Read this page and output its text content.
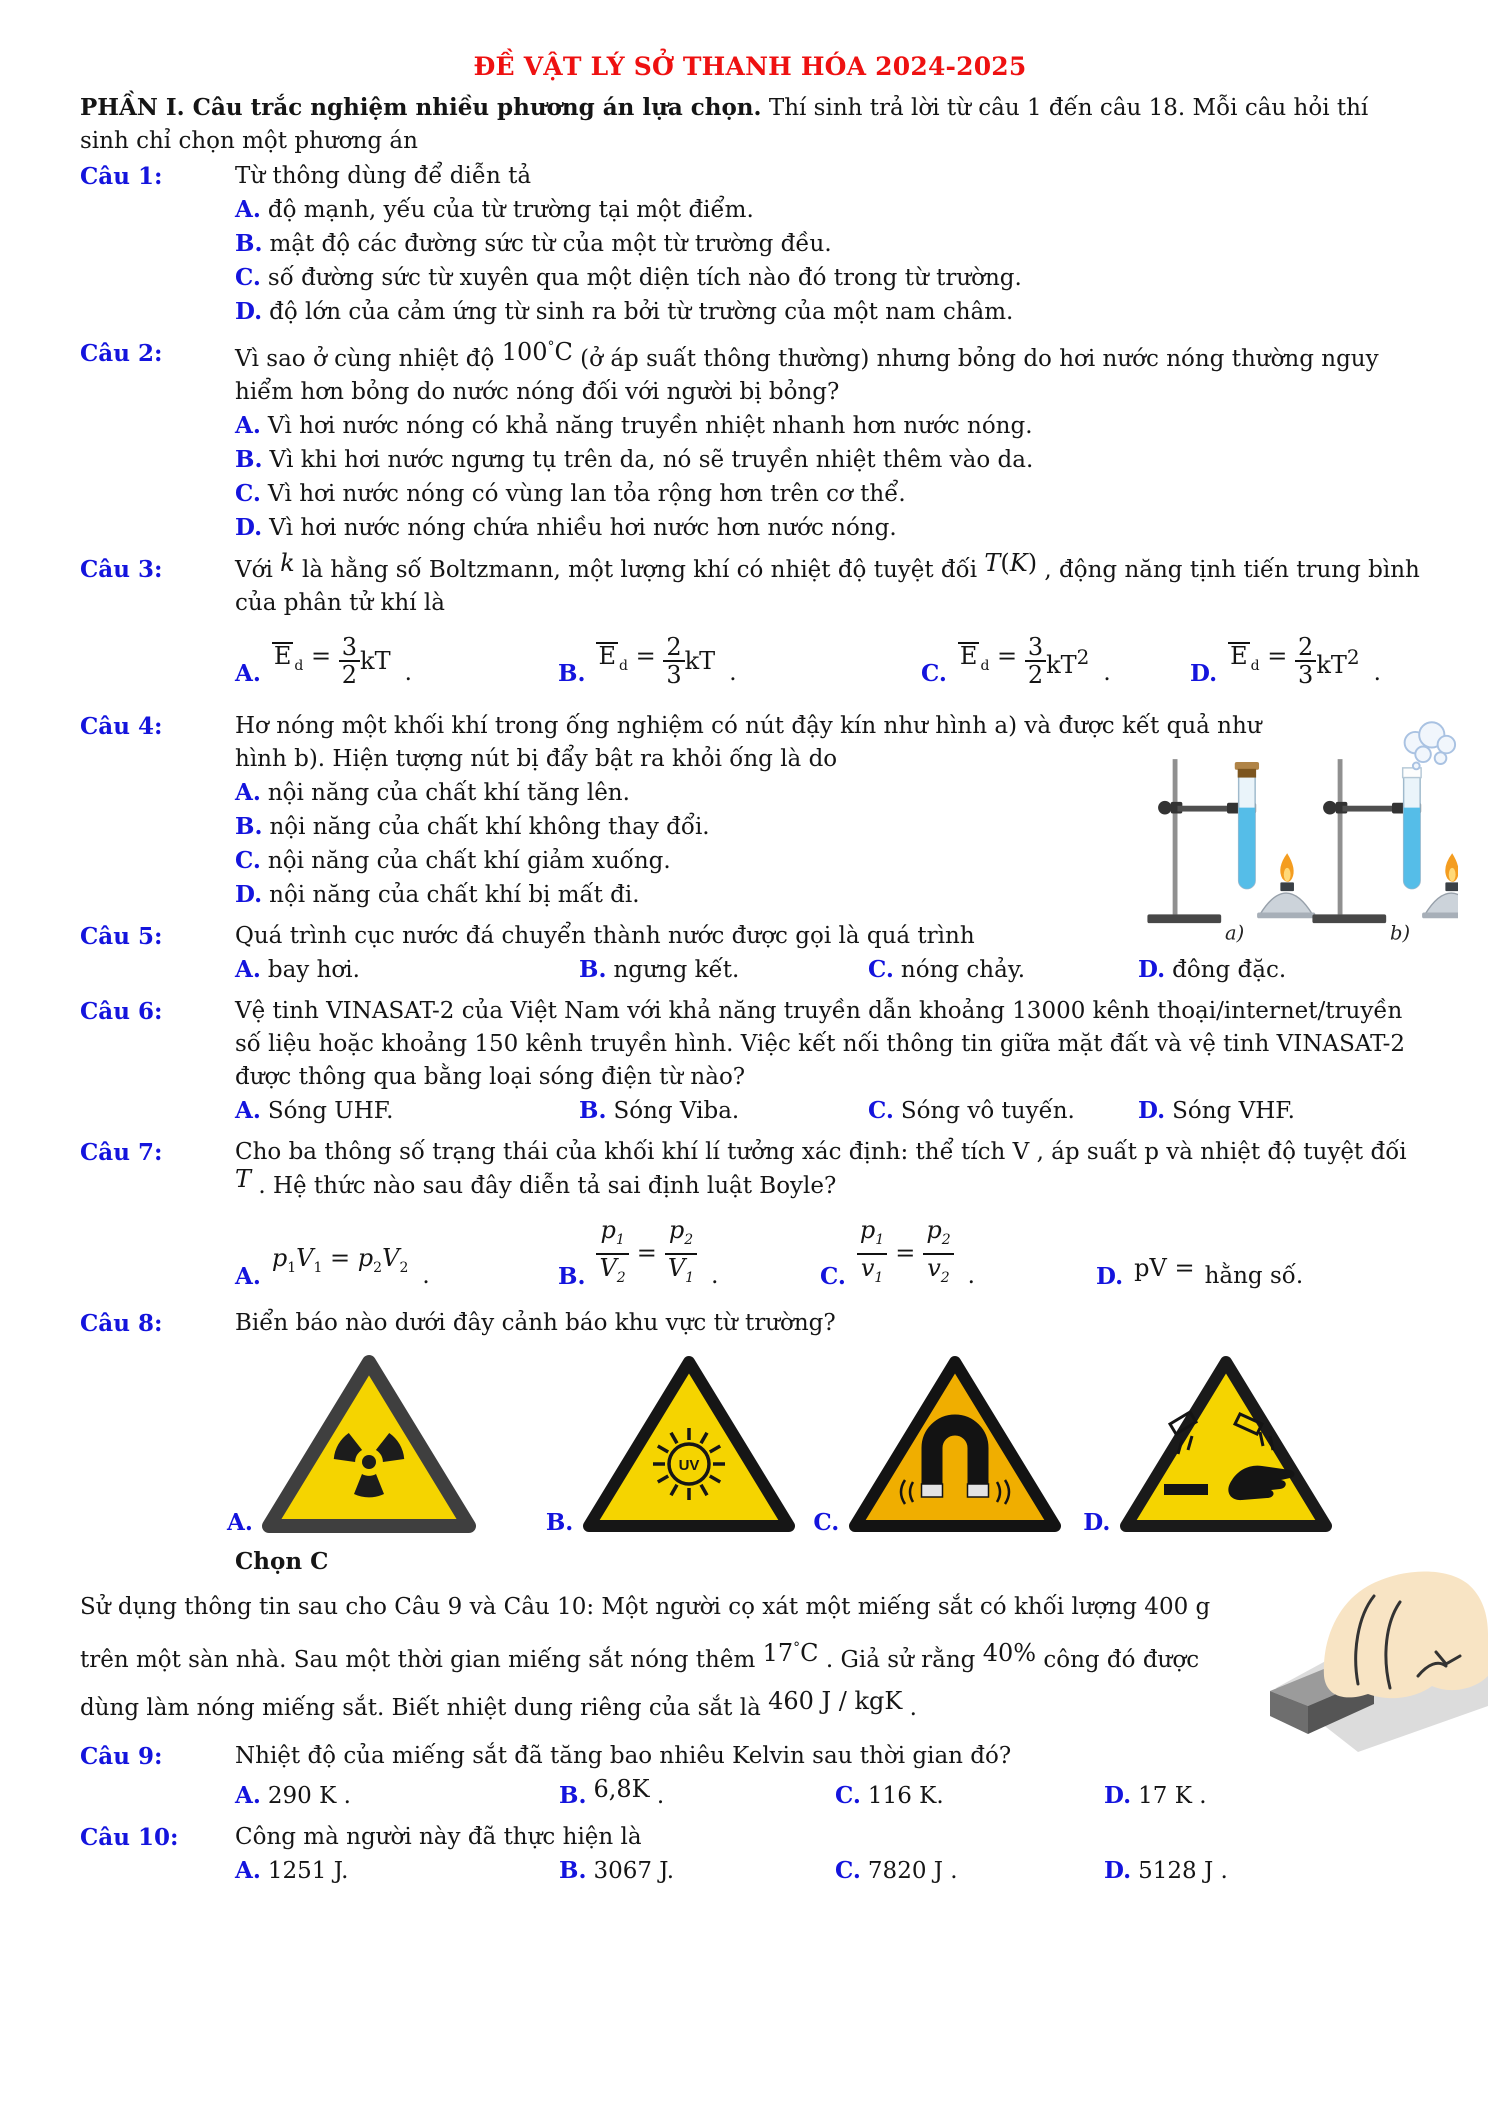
ĐỀ VẬT LÝ SỞ THANH HÓA 2024-2025

PHẦN I. Câu trắc nghiệm nhiều phương án lựa chọn. Thí sinh trả lời từ câu 1 đến câu 18. Mỗi câu hỏi thí sinh chỉ chọn một phương án

Câu 1:	Từ thông dùng để diễn tả
A. độ mạnh, yếu của từ trường tại một điểm.
B. mật độ các đường sức từ của một từ trường đều.
C. số đường sức từ xuyên qua một diện tích nào đó trong từ trường.
D. độ lớn của cảm ứng từ sinh ra bởi từ trường của một nam châm.
Câu 2:	Vì sao ở cùng nhiệt độ 100°C (ở áp suất thông thường) nhưng bỏng do hơi nước nóng thường nguy hiểm hơn bỏng do nước nóng đối với người bị bỏng?
A. Vì hơi nước nóng có khả năng truyền nhiệt nhanh hơn nước nóng.
B. Vì khi hơi nước ngưng tụ trên da, nó sẽ truyền nhiệt thêm vào da.
C. Vì hơi nước nóng có vùng lan tỏa rộng hơn trên cơ thể.
D. Vì hơi nước nóng chứa nhiều hơi nước hơn nước nóng.
Câu 3:	Với k là hằng số Boltzmann, một lượng khí có nhiệt độ tuyệt đối T(K) , động năng tịnh tiến trung bình của phân tử khí là
A.
E $_d$ =
$\frac{3}{2}$ kT .	B.
E $_d$ =
$\frac{2}{3}$ kT .	C.
E $_d$ =
$\frac{3}{2} kT^2$
.	D.
E $_d$ =
$\frac{2}{3} kT^2$
.
Câu 4:	Hơ nóng một khối khí trong ống nghiệm có nút đậy kín như hình a) và được kết quả như hình b). Hiện tượng nút bị đẩy bật ra khỏi ống là do
A. nội năng của chất khí tăng lên.
B. nội năng của chất khí không thay đổi.
C. nội năng của chất khí giảm xuống.
D. nội năng của chất khí bị mất đi.
Câu 5:	Quá trình cục nước đá chuyển thành nước được gọi là quá trình
A. bay hơi.	B. ngưng kết.	C. nóng chảy.	D. đông đặc.
Câu 6:	Vệ tinh VINASAT-2 của Việt Nam với khả năng truyền dẫn khoảng 13000 kênh thoại/internet/truyền số liệu hoặc khoảng 150 kênh truyền hình. Việc kết nối thông tin giữa mặt đất và vệ tinh VINASAT-2 được thông qua bằng loại sóng điện từ nào?
A. Sóng UHF.	B. Sóng Viba.	C. Sóng vô tuyến.	D. Sóng VHF.
Câu 7:	Cho ba thông số trạng thái của khối khí lí tưởng xác định: thể tích V , áp suất p và nhiệt độ tuyệt đối T . Hệ thức nào sau đây diễn tả sai định luật Boyle?
A.
$p_1V_1 = p_2V_2$ .	B. $\frac{p_1}{V_2} = \frac{p_2}{V_1}$ .	C. $\frac{p_1}{v_1} = \frac{p_2}{v_2}$ .	D. pV = hằng số.
Câu 8:	Biển báo nào dưới đây cảnh báo khu vực từ trường?
A.	B.
UV
C.	D.
Chọn C
Sử dụng thông tin sau cho Câu 9 và Câu 10: Một người cọ xát một miếng sắt có khối lượng 400 g trên một sàn nhà. Sau một thời gian miếng sắt nóng thêm 17°C . Giả sử rằng 40% công đó được dùng làm nóng miếng sắt. Biết nhiệt dung riêng của sắt là 460 J / kgK .
Câu 9:	Nhiệt độ của miếng sắt đã tăng bao nhiêu Kelvin sau thời gian đó?
A. 290 K .	B. 6,8K .	C. 116 K.	D. 17 K .
Câu 10:	Công mà người này đã thực hiện là
A. 1251 J.	B. 3067 J.	C. 7820 J .	D. 5128 J .
a)	b)
